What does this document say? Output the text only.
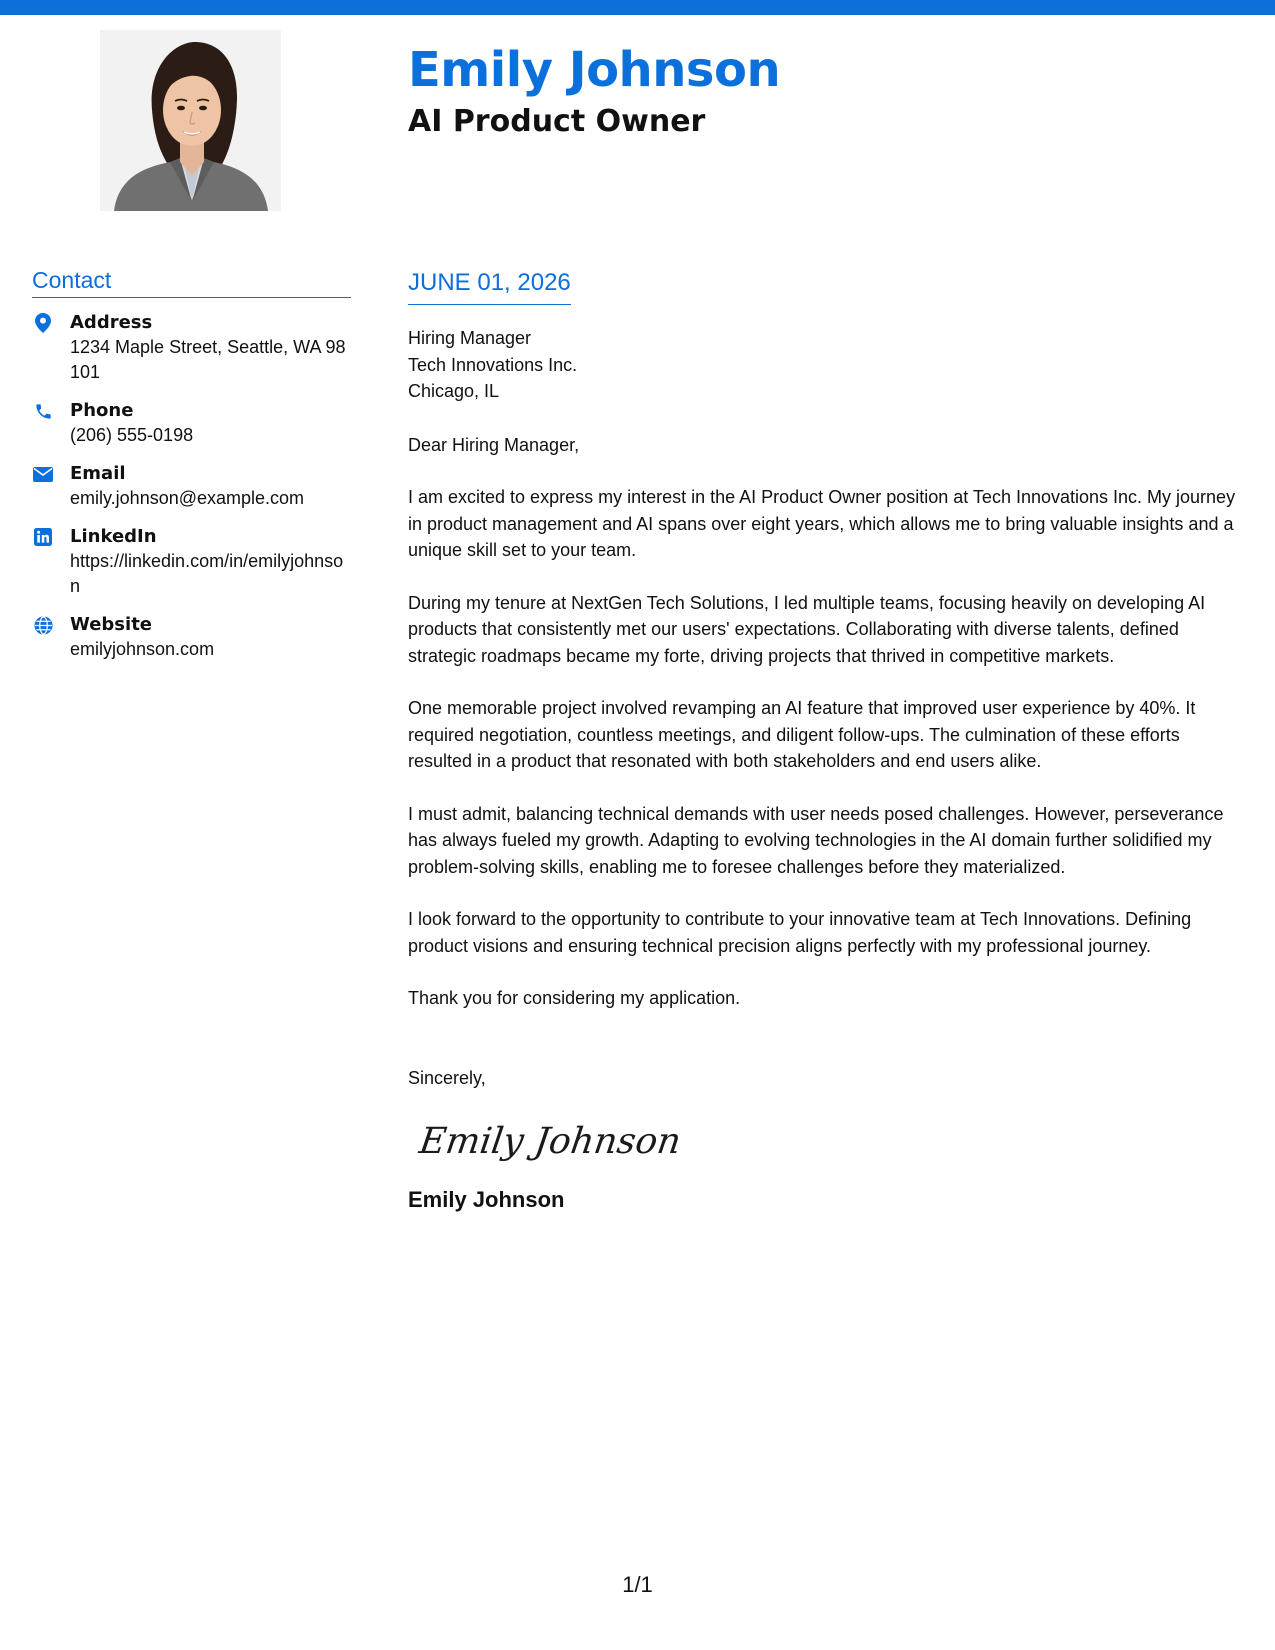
Emily Johnson
AI Product Owner
Contact
Address
1234 Maple Street, Seattle, WA 98101
Phone
(206) 555-0198
Email
emily.johnson@example.com
LinkedIn
https://linkedin.com/in/emilyjohnson
Website
emilyjohnson.com
JUNE 01, 2026
Hiring Manager
Tech Innovations Inc.
Chicago, IL

Dear Hiring Manager,

I am excited to express my interest in the AI Product Owner position at Tech Innovations Inc. My journey in product management and AI spans over eight years, which allows me to bring valuable insights and a unique skill set to your team.

During my tenure at NextGen Tech Solutions, I led multiple teams, focusing heavily on developing AI products that consistently met our users' expectations. Collaborating with diverse talents, defined strategic roadmaps became my forte, driving projects that thrived in competitive markets.

One memorable project involved revamping an AI feature that improved user experience by 40%. It required negotiation, countless meetings, and diligent follow-ups. The culmination of these efforts resulted in a product that resonated with both stakeholders and end users alike.

I must admit, balancing technical demands with user needs posed challenges. However, perseverance has always fueled my growth. Adapting to evolving technologies in the AI domain further solidified my problem-solving skills, enabling me to foresee challenges before they materialized.

I look forward to the opportunity to contribute to your innovative team at Tech Innovations. Defining product visions and ensuring technical precision aligns perfectly with my professional journey.

Thank you for considering my application.

Sincerely,
Emily Johnson
Emily Johnson
1/1
